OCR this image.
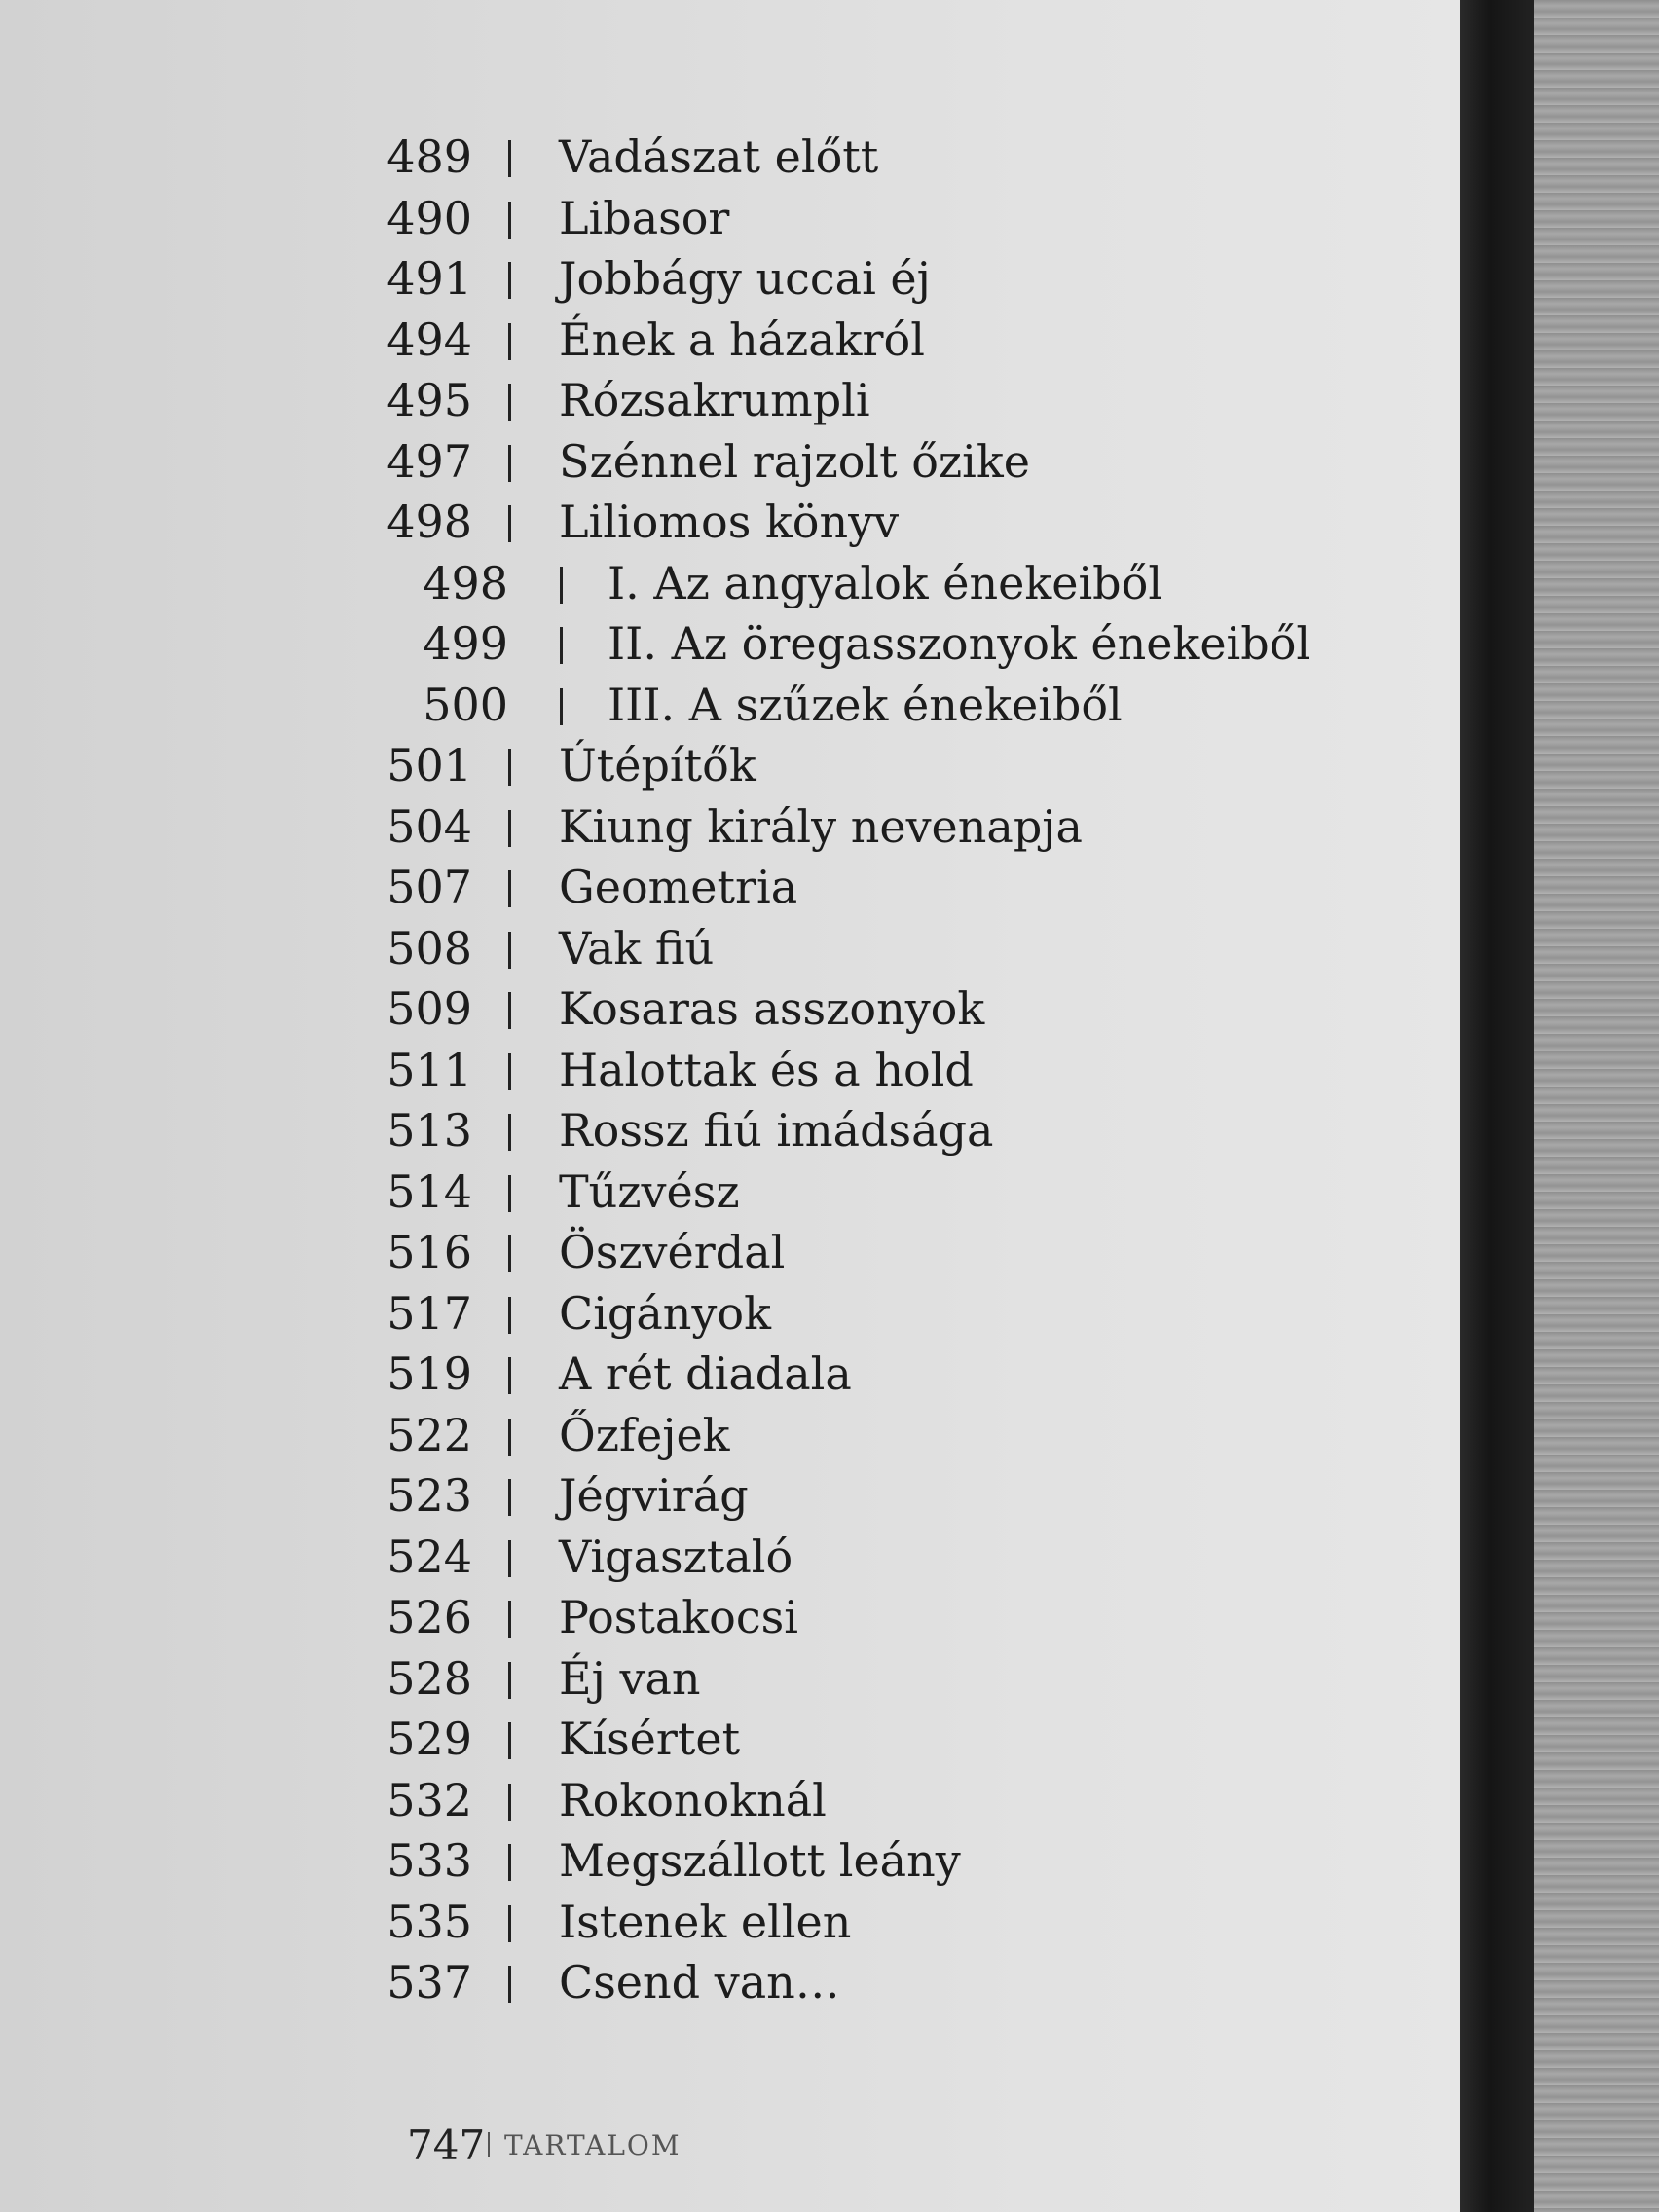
489 Vadászat előtt
490 Libasor
491 Jobbágy uccai éj
494 Ének a házakról
495 Rózsakrumpli
497 Szénnel rajzolt őzike
498 Liliomos könyv
498 I. Az angyalok énekeiből
499 II. Az öregasszonyok énekeiből
500 III. A szűzek énekeiből
501 Útépítők
504 Kiung király nevenapja
507 Geometria
508 Vak fiú
509 Kosaras asszonyok
511 Halottak és a hold
513 Rossz fiú imádsága
514 Tűzvész
516 Öszvérdal
517 Cigányok
519 A rét diadala
522 Őzfejek
523 Jégvirág
524 Vigasztaló
526 Postakocsi
528 Éj van
529 Kísértet
532 Rokonoknál
533 Megszállott leány
535 Istenek ellen
537 Csend van…
747 TARTALOM
